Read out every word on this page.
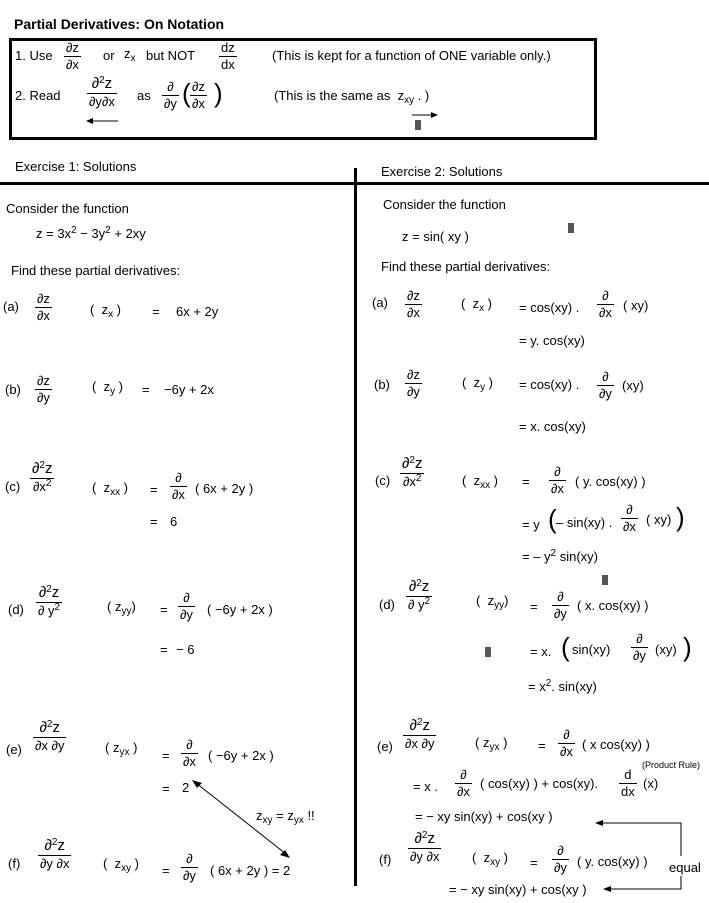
Partial Derivatives: On Notation
1. Use
∂z
∂x
or $z_x$ but NOT
dz
dx
(This is kept for a function of ONE variable only.)
2. Read
∂$^2$z
∂y∂x as
∂
∂y ( ∂z
∂x )	(This is the same as $z_{xy}$ . )
Exercise 1: Solutions
Consider the function
$z = 3x^2 - 3y^2 + 2xy$
Find these partial derivatives:
(a)
∂z
∂x	(  $z_x$ ) = 6x + 2y
(b)
∂z
∂y
(  $z_y$ ) = −6y + 2x
(c)
∂$^2$z
$\partial x^2$	(  $z_{xx}$ ) =
∂
∂x ( 6x + 2y )
= 6
(d)
∂$^2$z
∂ $y^2$	( $z_{yy}$) =
∂
∂y ( −6y + 2x )
= − 6
(e)
∂$^2$z
∂x ∂y	( $z_{yx}$ )
=
∂
∂x ( −6y + 2x )
= 2
$z_{xy} = z_{yx}$ !!
(f)
∂$^2$z
∂y ∂x	(  $z_{xy}$ ) =
∂
∂y ( 6x + 2y ) = 2
Exercise 2: Solutions
Consider the function
z = sin( xy )
Find these partial derivatives:
(a) ∂z
∂x
(  $z_x$ ) = cos(xy) .
∂
∂x ( xy)
= y. cos(xy)
(b)
∂z
∂y
(  $z_y$ ) = cos(xy) .
∂
∂y
(xy)
= x. cos(xy)
(c)
∂$^2$z
$\partial x^2$	(  $z_{xx}$ ) =
∂
∂x ( y. cos(xy) )
= y ( – sin(xy) .
∂
∂x ( xy) )
= – $y^2$ sin(xy)
(d)
∂$^2$z
∂ $y^2$	(  $z_{yy}$) =
∂
∂y
( x. cos(xy) )
= x. ( sin(xy)
∂
∂y (xy) )
= $x^2$. sin(xy)
(e)
∂$^2$z
∂x ∂y	( $z_{yx}$ ) =
∂
∂x ( x cos(xy) )
= x .
∂
∂x
( cos(xy) ) + cos(xy).
d
dx
(x)
(Product Rule)
= − xy sin(xy) + cos(xy )
equal
(f)
∂$^2$z
∂y ∂x	(  $z_{xy}$ ) =
∂
∂y ( y. cos(xy) )
= − xy sin(xy) + cos(xy )
